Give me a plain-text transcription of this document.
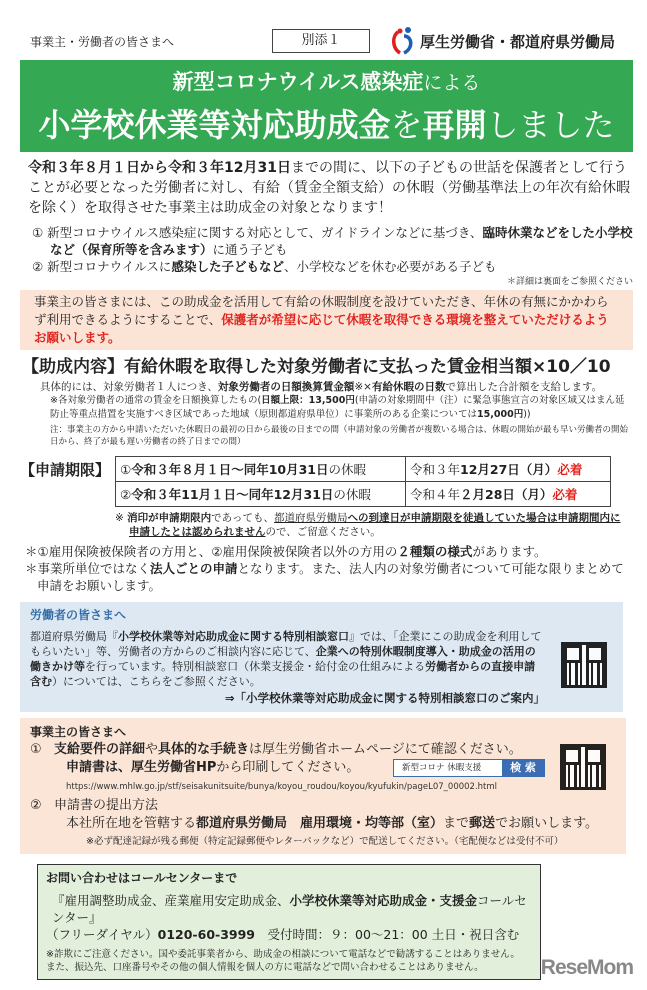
事業主・労働者の皆さまへ	別添１	厚生労働省・都道府県労働局
新型コロナウイルス感染症による
小学校休業等対応助成金を再開しました
令和３年８月１日から令和３年12月31日までの間に、以下の子どもの世話を保護者として行うことが必要となった労働者に対し、有給（賃金全額支給）の休暇（労働基準法上の年次有給休暇を除く）を取得させた事業主は助成金の対象となります！
① 新型コロナウイルス感染症に関する対応として、ガイドラインなどに基づき、臨時休業などをした小学校など（保育所等を含みます）に通う子ども
② 新型コロナウイルスに感染した子どもなど、小学校などを休む必要がある子ども
＊詳細は裏面をご参照ください
事業主の皆さまには、この助成金を活用して有給の休暇制度を設けていただき、年休の有無にかかわらず利用できるようにすることで、保護者が希望に応じて休暇を取得できる環境を整えていただけるようお願いします。
【助成内容】有給休暇を取得した対象労働者に支払った賃金相当額×10／10
具体的には、対象労働者１人につき、対象労働者の日額換算賃金額※×有給休暇の日数で算出した合計額を支給します。
※各対象労働者の通常の賃金を日額換算したもの(日額上限：13,500円(申請の対象期間中（注）に緊急事態宣言の対象区域又はまん延防止等重点措置を実施すべき区域であった地域（原則都道府県単位）に事業所のある企業については15,000円))
注：事業主の方から申請いただいた休暇日の最初の日から最後の日までの間（申請対象の労働者が複数いる場合は、休暇の開始が最も早い労働者の開始日から、終了が最も遅い労働者の終了日までの間）
【申請期限】 ①令和３年８月１日～同年10月31日の休暇	令和３年12月27日（月）必着
②令和３年11月１日～同年12月31日の休暇	令和４年２月28日（月）必着
※ 消印が申請期限内であっても、都道府県労働局への到達日が申請期限を徒過していた場合は申請期間内に申請したとは認められませんので、ご留意ください。
＊①雇用保険被保険者の方用と、②雇用保険被保険者以外の方用の２種類の様式があります。
＊事業所単位ではなく法人ごとの申請となります。また、法人内の対象労働者について可能な限りまとめて申請をお願いします。
労働者の皆さまへ
都道府県労働局『小学校休業等対応助成金に関する特別相談窓口』では、「企業にこの助成金を利用してもらいたい」等、労働者の方からのご相談内容に応じて、企業への特別休暇制度導入・助成金の活用の働きかけ等を行っています。特別相談窓口（休業支援金・給付金の仕組みによる労働者からの直接申請含む）については、こちらをご参照ください。
⇒「小学校休業等対応助成金に関する特別相談窓口のご案内」
事業主の皆さまへ
① 支給要件の詳細や具体的な手続きは厚生労働省ホームページにて確認ください。
申請書は、厚生労働省HPから印刷してください。	新型コロナ 休暇支援	検 索
https://www.mhlw.go.jp/stf/seisakunitsuite/bunya/koyou_roudou/koyou/kyufukin/pageL07_00002.html
② 申請書の提出方法
本社所在地を管轄する都道府県労働局　雇用環境・均等部（室）まで郵送でお願いします。
※必ず配達記録が残る郵便（特定記録郵便やレターパックなど）で配送してください。（宅配便などは受付不可）
お問い合わせはコールセンターまで
『雇用調整助成金、産業雇用安定助成金、小学校休業等対応助成金・支援金コールセンター』
（フリーダイヤル）0120-60-3999　受付時間：９：00～21：00 土日・祝日含む
※詐欺にご注意ください。国や委託事業者から、助成金の相談について電話などで勧誘することはありません。
また、振込先、口座番号やその他の個人情報を個人の方に電話などで問い合わせることはありません。	ReseMom
